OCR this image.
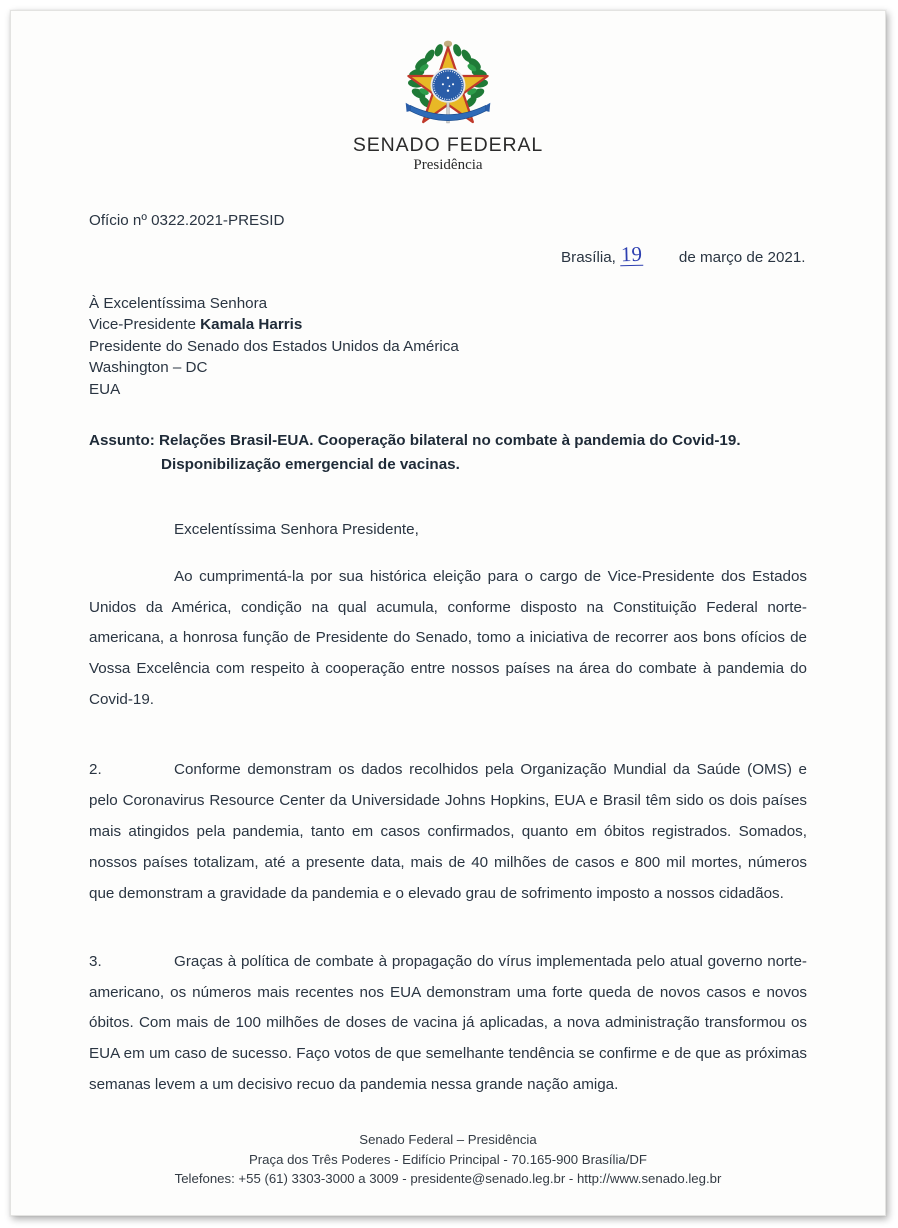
SENADO FEDERAL
Presidência
Ofício nº 0322.2021-PRESID
Brasília, 19 de março de 2021.
À Excelentíssima Senhora
Vice-Presidente Kamala Harris
Presidente do Senado dos Estados Unidos da América
Washington – DC
EUA
Assunto: Relações Brasil-EUA. Cooperação bilateral no combate à pandemia do Covid-19.
Disponibilização emergencial de vacinas.
Excelentíssima Senhora Presidente,

Ao cumprimentá-la por sua histórica eleição para o cargo de Vice-Presidente dos Estados Unidos da América, condição na qual acumula, conforme disposto na Constituição Federal norte-americana, a honrosa função de Presidente do Senado, tomo a iniciativa de recorrer aos bons ofícios de Vossa Excelência com respeito à cooperação entre nossos países na área do combate à pandemia do Covid-19.

2.	Conforme demonstram os dados recolhidos pela Organização Mundial da Saúde (OMS) e pelo Coronavirus Resource Center da Universidade Johns Hopkins, EUA e Brasil têm sido os dois países mais atingidos pela pandemia, tanto em casos confirmados, quanto em óbitos registrados. Somados, nossos países totalizam, até a presente data, mais de 40 milhões de casos e 800 mil mortes, números que demonstram a gravidade da pandemia e o elevado grau de sofrimento imposto a nossos cidadãos.

3.	Graças à política de combate à propagação do vírus implementada pelo atual governo norte-americano, os números mais recentes nos EUA demonstram uma forte queda de novos casos e novos óbitos. Com mais de 100 milhões de doses de vacina já aplicadas, a nova administração transformou os EUA em um caso de sucesso. Faço votos de que semelhante tendência se confirme e de que as próximas semanas levem a um decisivo recuo da pandemia nessa grande nação amiga.

Senado Federal – Presidência
Praça dos Três Poderes - Edifício Principal - 70.165-900 Brasília/DF
Telefones: +55 (61) 3303-3000 a 3009 - presidente@senado.leg.br - http://www.senado.leg.br
